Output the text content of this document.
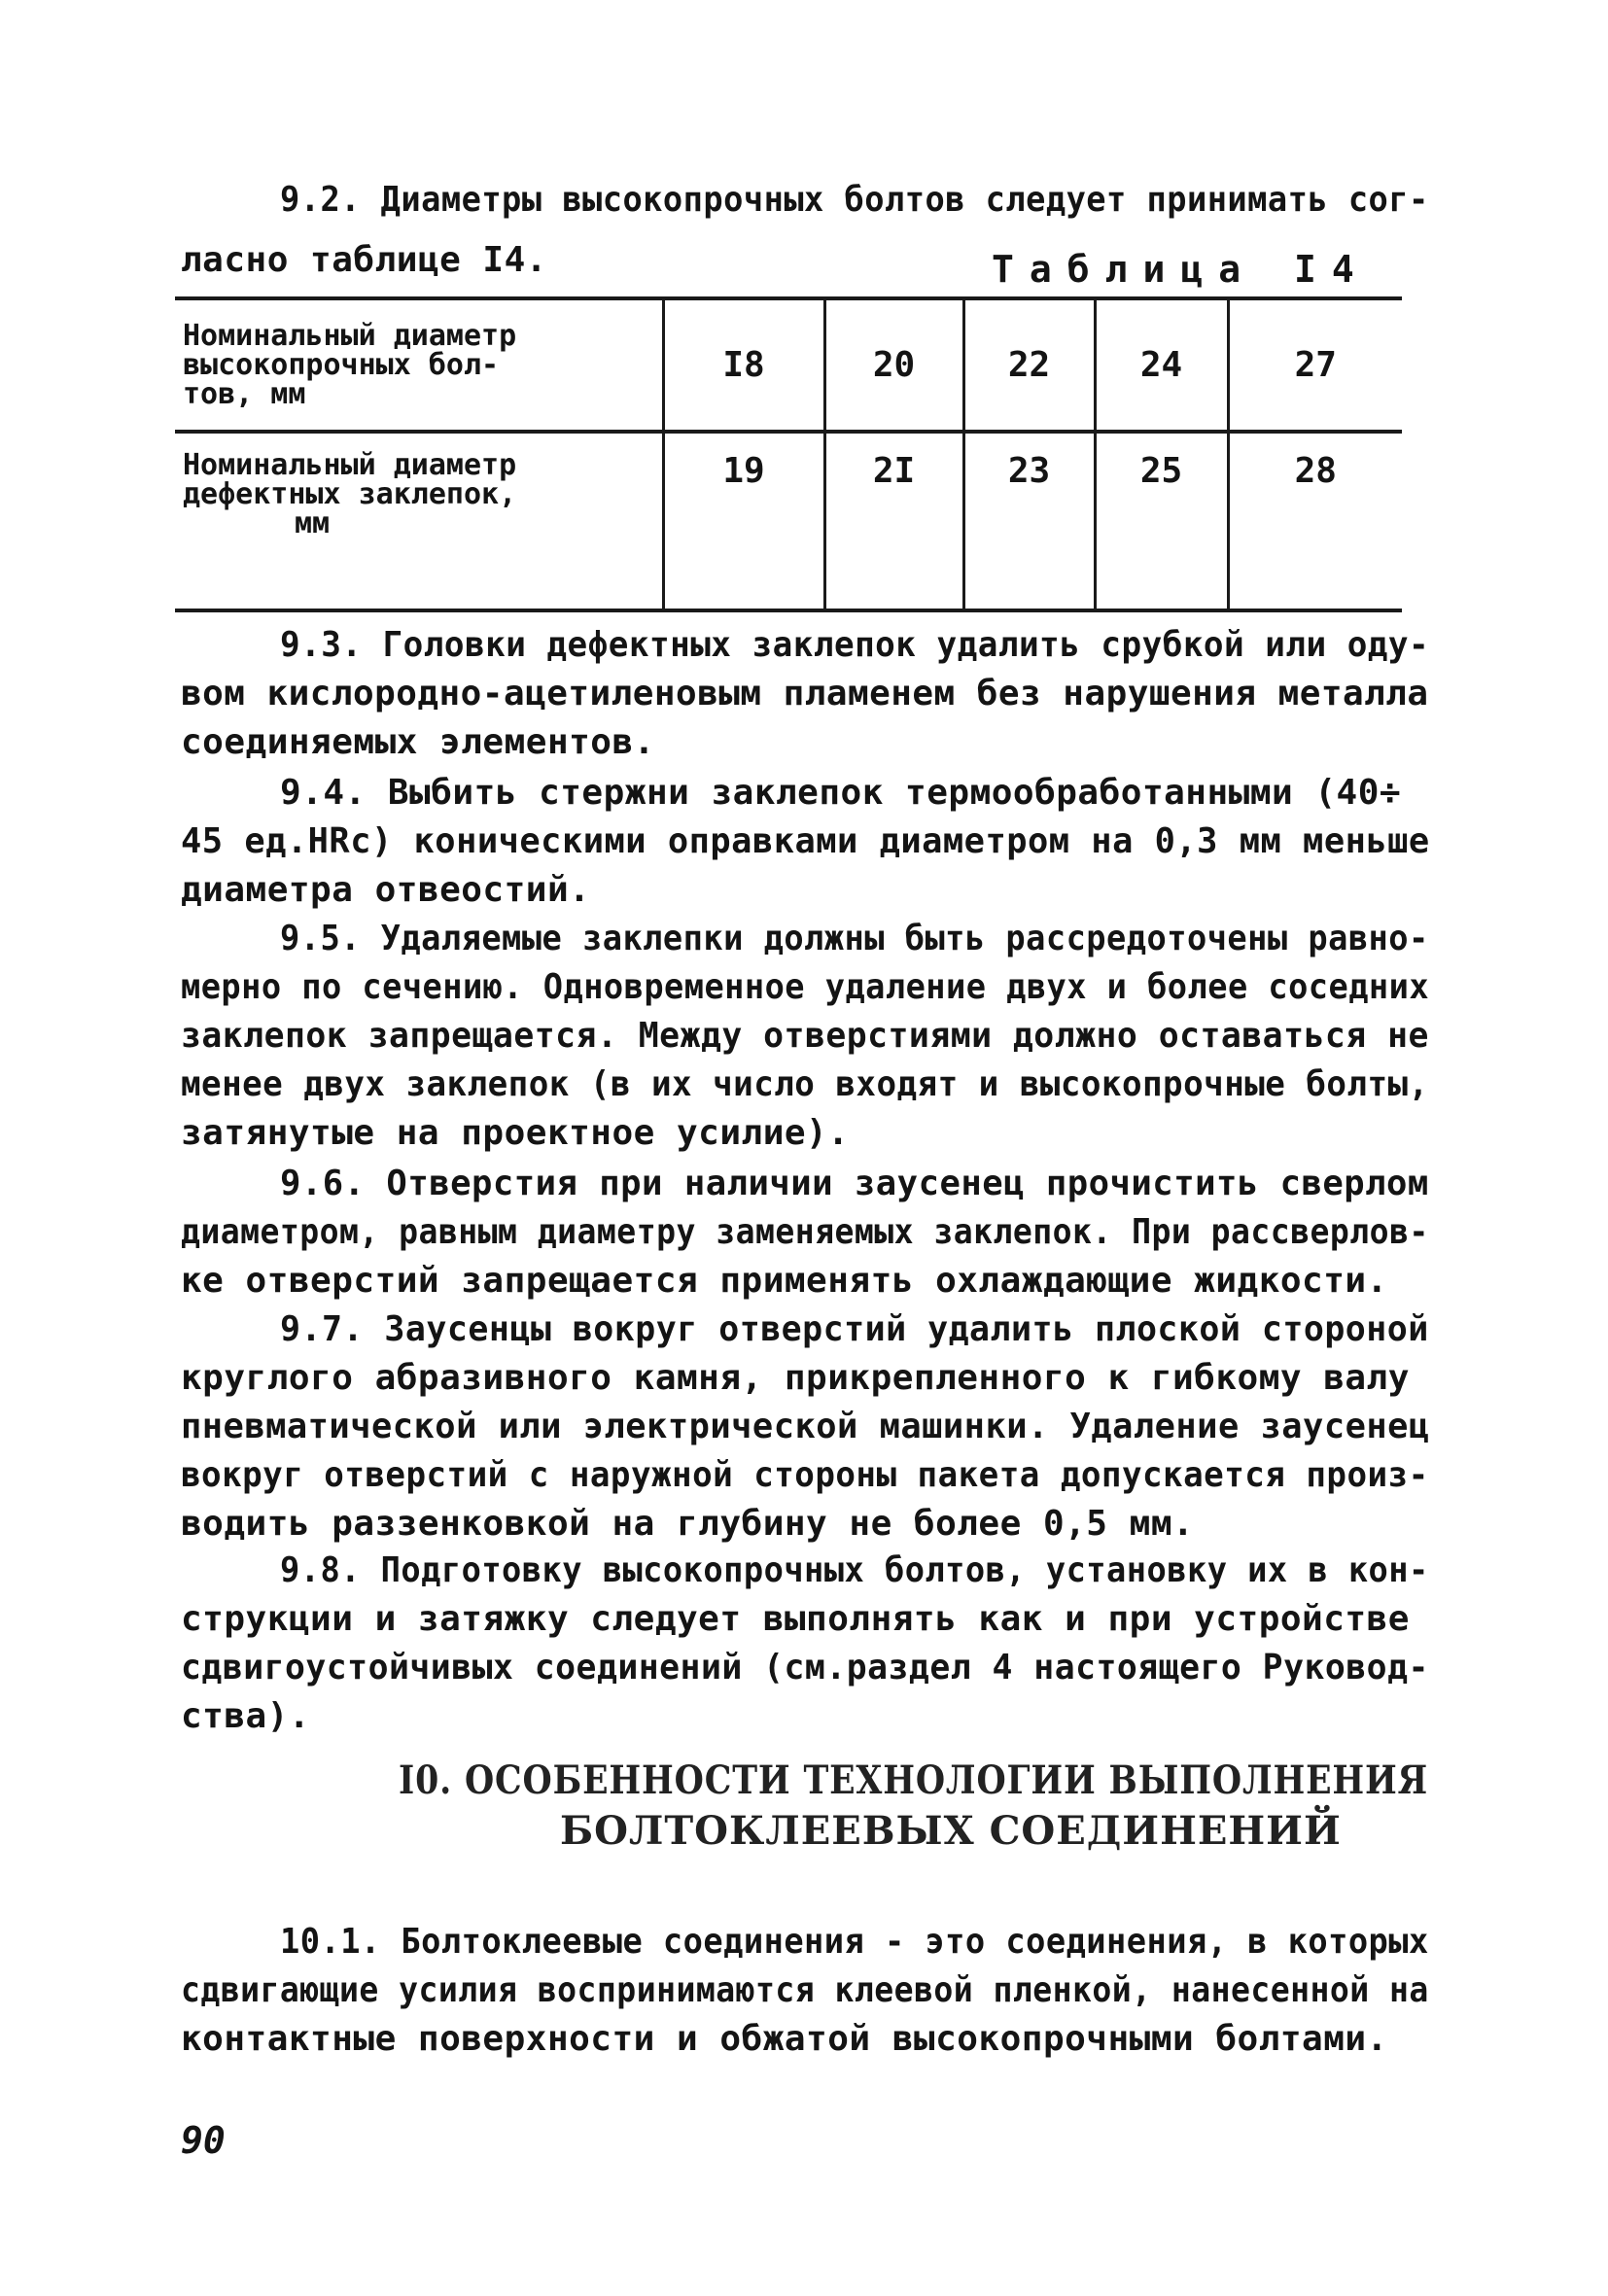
9.2. Диаметры высокопрочных болтов следует принимать сог-
ласно таблице I4.	Таблица I4
Номинальный диаметр
высокопрочных бол-
тов, мм	I8	20	22	24	27

Номинальный диаметр
дефектных заклепок,
мм	19	2I	23	25	28
9.3. Головки дефектных заклепок удалить срубкой или оду-
вом кислородно-ацетиленовым пламенем без нарушения металла
соединяемых элементов.
9.4. Выбить стержни заклепок термообработанными (40÷
45 ед.HRc) коническими оправками диаметром на 0,3 мм меньше
диаметра отвеостий.
9.5. Удаляемые заклепки должны быть рассредоточены равно-
мерно по сечению. Одновременное удаление двух и более соседних
заклепок запрещается. Между отверстиями должно оставаться не
менее двух заклепок (в их число входят и высокопрочные болты,
затянутые на проектное усилие).
9.6. Отверстия при наличии заусенец прочистить сверлом
диаметром, равным диаметру заменяемых заклепок. При рассверлов-
ке отверстий запрещается применять охлаждающие жидкости.
9.7. Заусенцы вокруг отверстий удалить плоской стороной
круглого абразивного камня, прикрепленного к гибкому валу
пневматической или электрической машинки. Удаление заусенец
вокруг отверстий с наружной стороны пакета допускается произ-
водить раззенковкой на глубину не более 0,5 мм.
9.8. Подготовку высокопрочных болтов, установку их в кон-
струкции и затяжку следует выполнять как и при устройстве
сдвигоустойчивых соединений (см.раздел 4 настоящего Руковод-
ства).
I0. ОСОБЕННОСТИ ТЕХНОЛОГИИ ВЫПОЛНЕНИЯ
БОЛТОКЛЕЕВЫХ СОЕДИНЕНИЙ
10.1. Болтоклеевые соединения - это соединения, в которых
сдвигающие усилия воспринимаются клеевой пленкой, нанесенной на
контактные поверхности и обжатой высокопрочными болтами.
90
